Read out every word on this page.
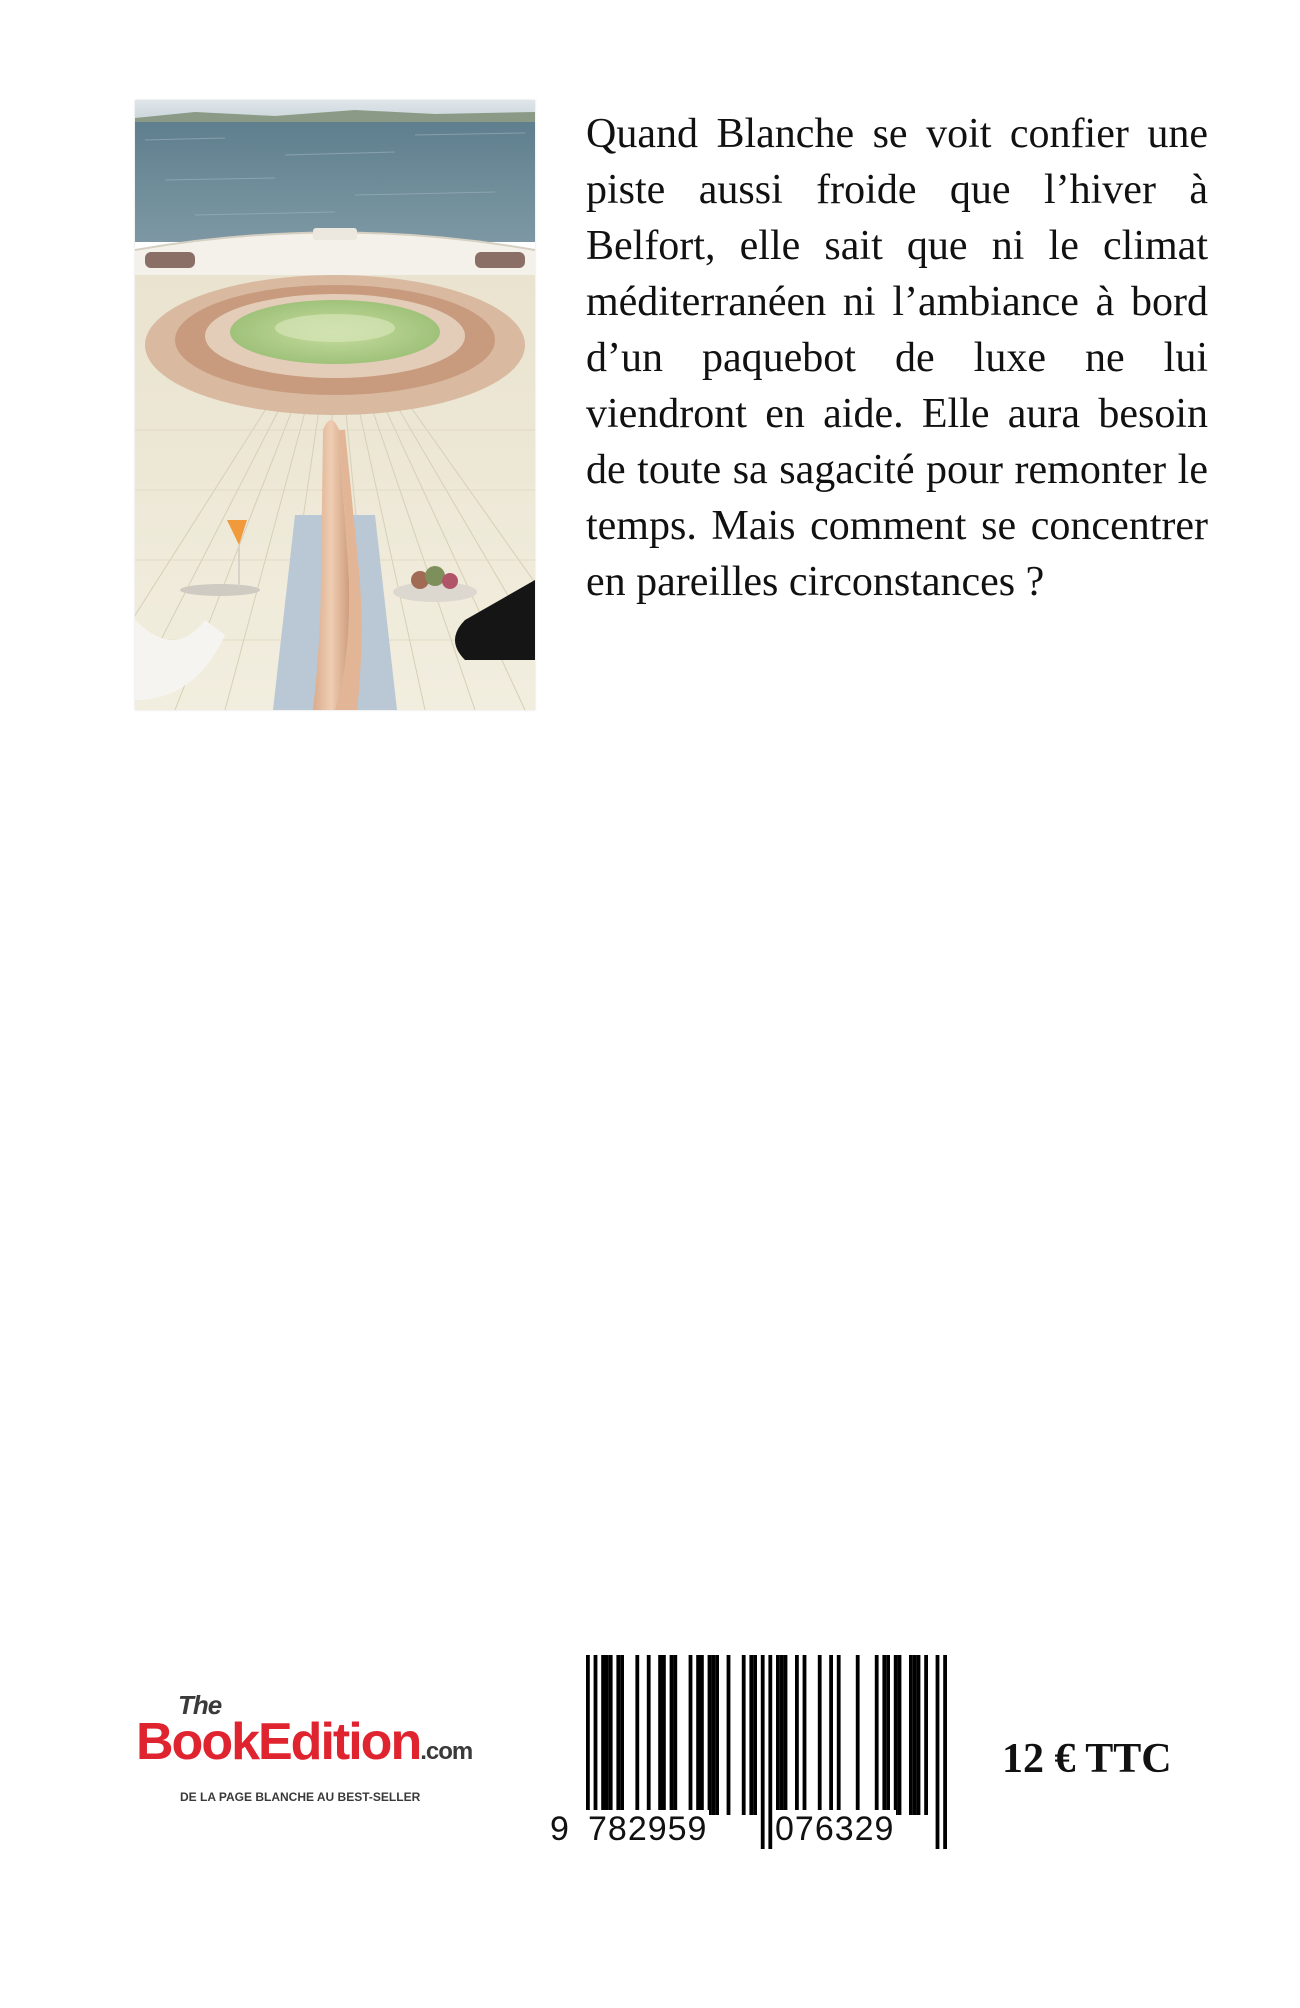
Quand Blanche se voit confier une piste aussi froide que l’hiver à Belfort, elle sait que ni le climat méditerranéen ni l’ambiance à bord d’un paquebot de luxe ne lui viendront en aide. Elle aura besoin de toute sa sagacité pour remonter le temps. Mais comment se concentrer en pareilles circonstances ?
The
BookEdition.com
DE LA PAGE BLANCHE AU BEST-SELLER
9 782959 076329
12 € TTC
